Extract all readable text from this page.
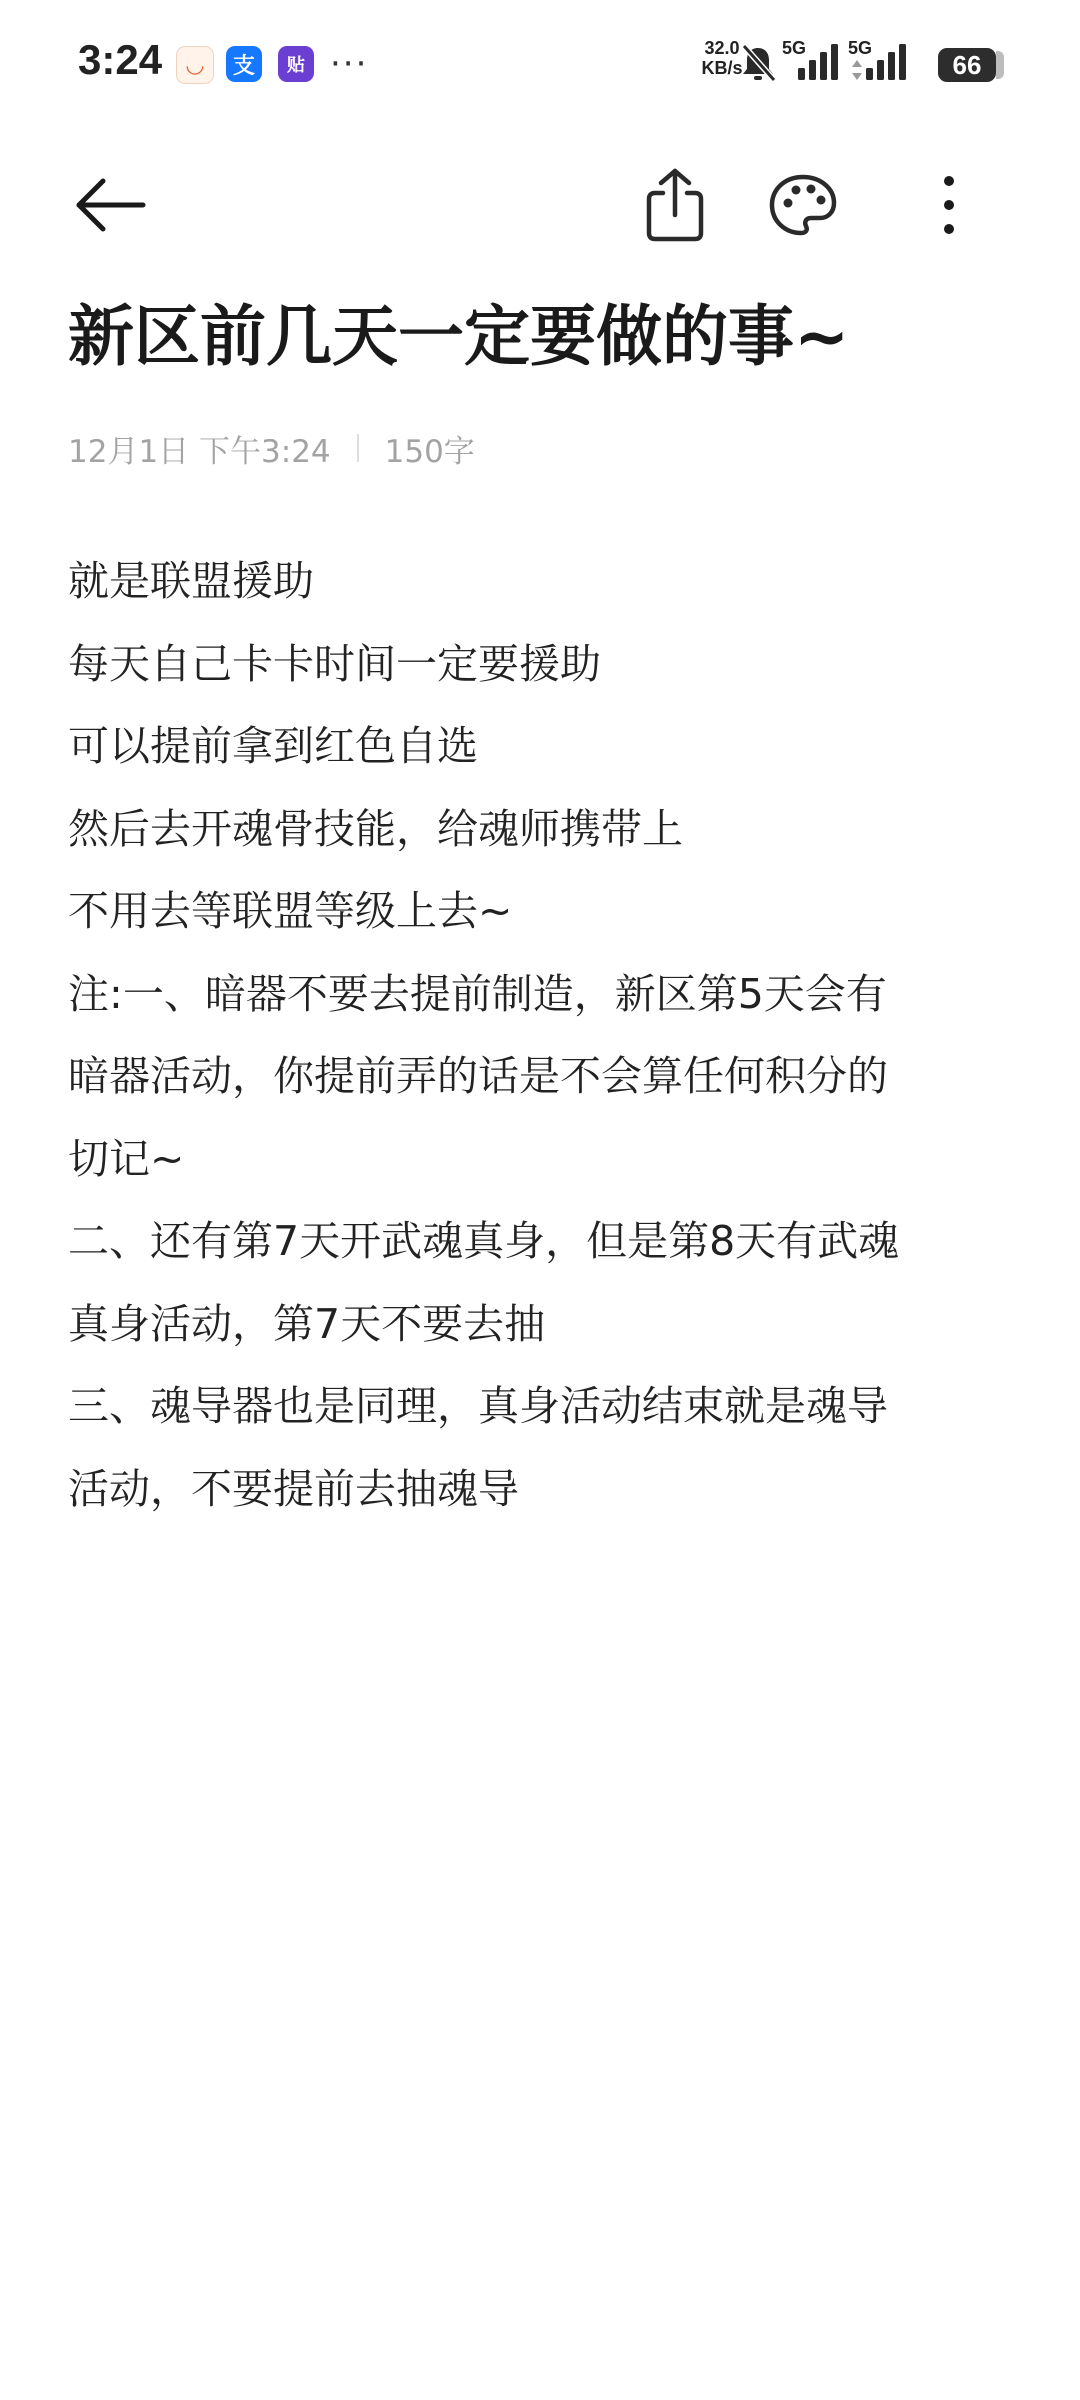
3:24	◡	支	贴 ···	32.0
KB/s
5G 5G
66
新区前几天一定要做的事~
12月1日 下午3:24 150字
就是联盟援助
每天自己卡卡时间一定要援助
可以提前拿到红色自选
然后去开魂骨技能，给魂师携带上
不用去等联盟等级上去~
注:一、暗器不要去提前制造，新区第5天会有
暗器活动，你提前弄的话是不会算任何积分的
切记~
二、还有第7天开武魂真身，但是第8天有武魂
真身活动，第7天不要去抽
三、魂导器也是同理，真身活动结束就是魂导
活动，不要提前去抽魂导
